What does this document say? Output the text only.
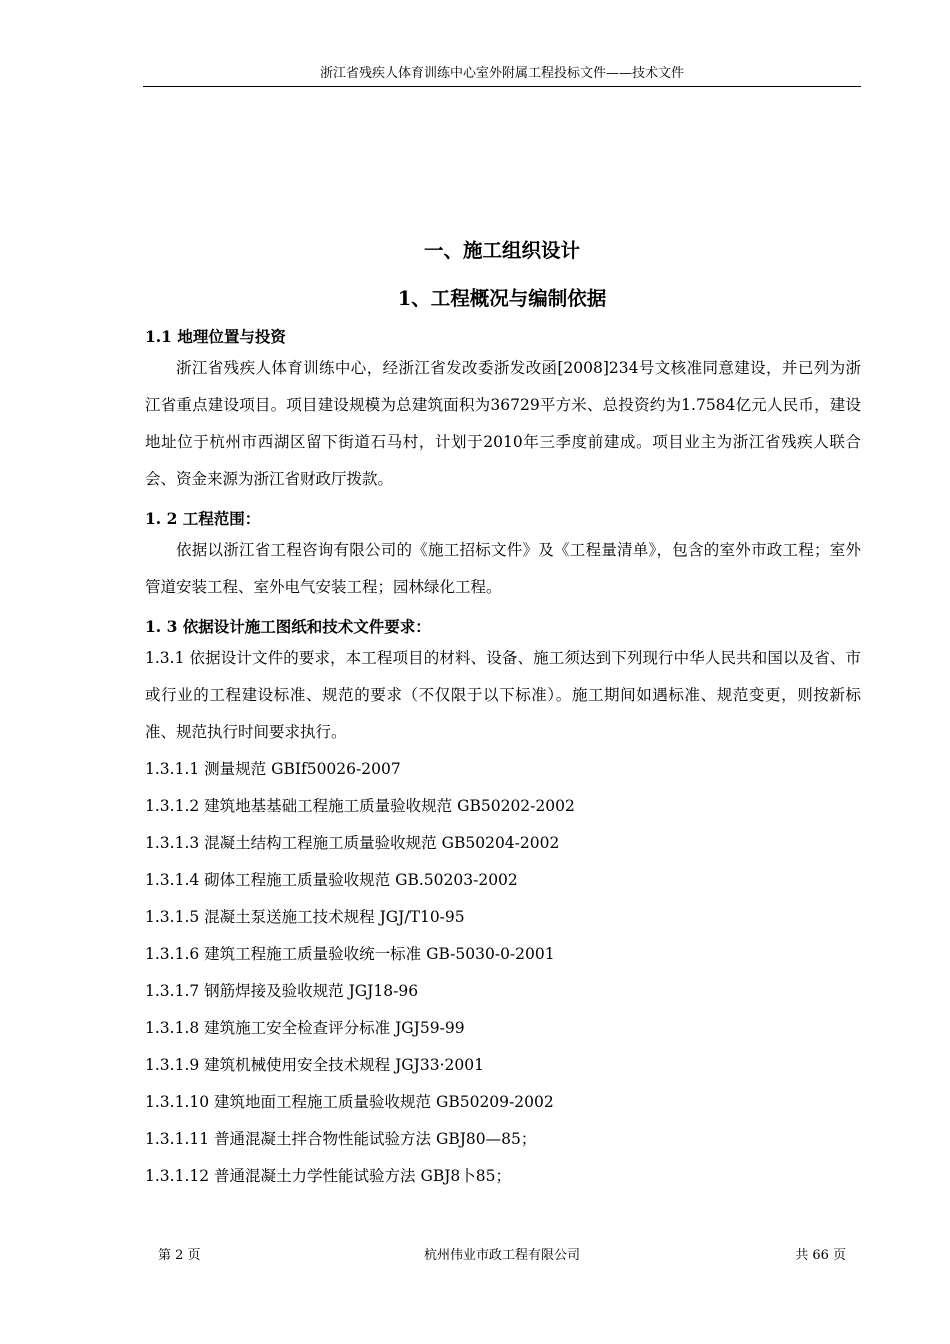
浙江省残疾人体育训练中心室外附属工程投标文件——技术文件
一、施工组织设计
1、工程概况与编制依据
1.1 地理位置与投资

浙江省残疾人体育训练中心，经浙江省发改委浙发改函[2008]234号文核准同意建设，并已列为浙江省重点建设项目。项目建设规模为总建筑面积为36729平方米、总投资约为1.7584亿元人民币，建设地址位于杭州市西湖区留下街道石马村，计划于2010年三季度前建成。项目业主为浙江省残疾人联合会、资金来源为浙江省财政厅拨款。

1. 2 工程范围：

依据以浙江省工程咨询有限公司的《施工招标文件》及《工程量清单》，包含的室外市政工程；室外管道安装工程、室外电气安装工程；园林绿化工程。

1. 3 依据设计施工图纸和技术文件要求：

1.3.1 依据设计文件的要求，本工程项目的材料、设备、施工须达到下列现行中华人民共和国以及省、市或行业的工程建设标准、规范的要求（不仅限于以下标准）。施工期间如遇标准、规范变更，则按新标准、规范执行时间要求执行。

1.3.1.1 测量规范 GBIf50026-2007
1.3.1.2 建筑地基基础工程施工质量验收规范 GB50202-2002
1.3.1.3 混凝土结构工程施工质量验收规范 GB50204-2002
1.3.1.4 砌体工程施工质量验收规范 GB.50203-2002
1.3.1.5 混凝土泵送施工技术规程 JGJ/T10-95
1.3.1.6 建筑工程施工质量验收统一标准 GB-5030-0-2001
1.3.1.7 钢筋焊接及验收规范 JGJ18-96
1.3.1.8 建筑施工安全检查评分标准 JGJ59-99
1.3.1.9 建筑机械使用安全技术规程 JGJ33·2001
1.3.1.10 建筑地面工程施工质量验收规范 GB50209-2002
1.3.1.11 普通混凝土拌合物性能试验方法 GBJ80—85；
1.3.1.12 普通混凝土力学性能试验方法 GBJ8卜85；
第 2 页	杭州伟业市政工程有限公司	共 66 页
